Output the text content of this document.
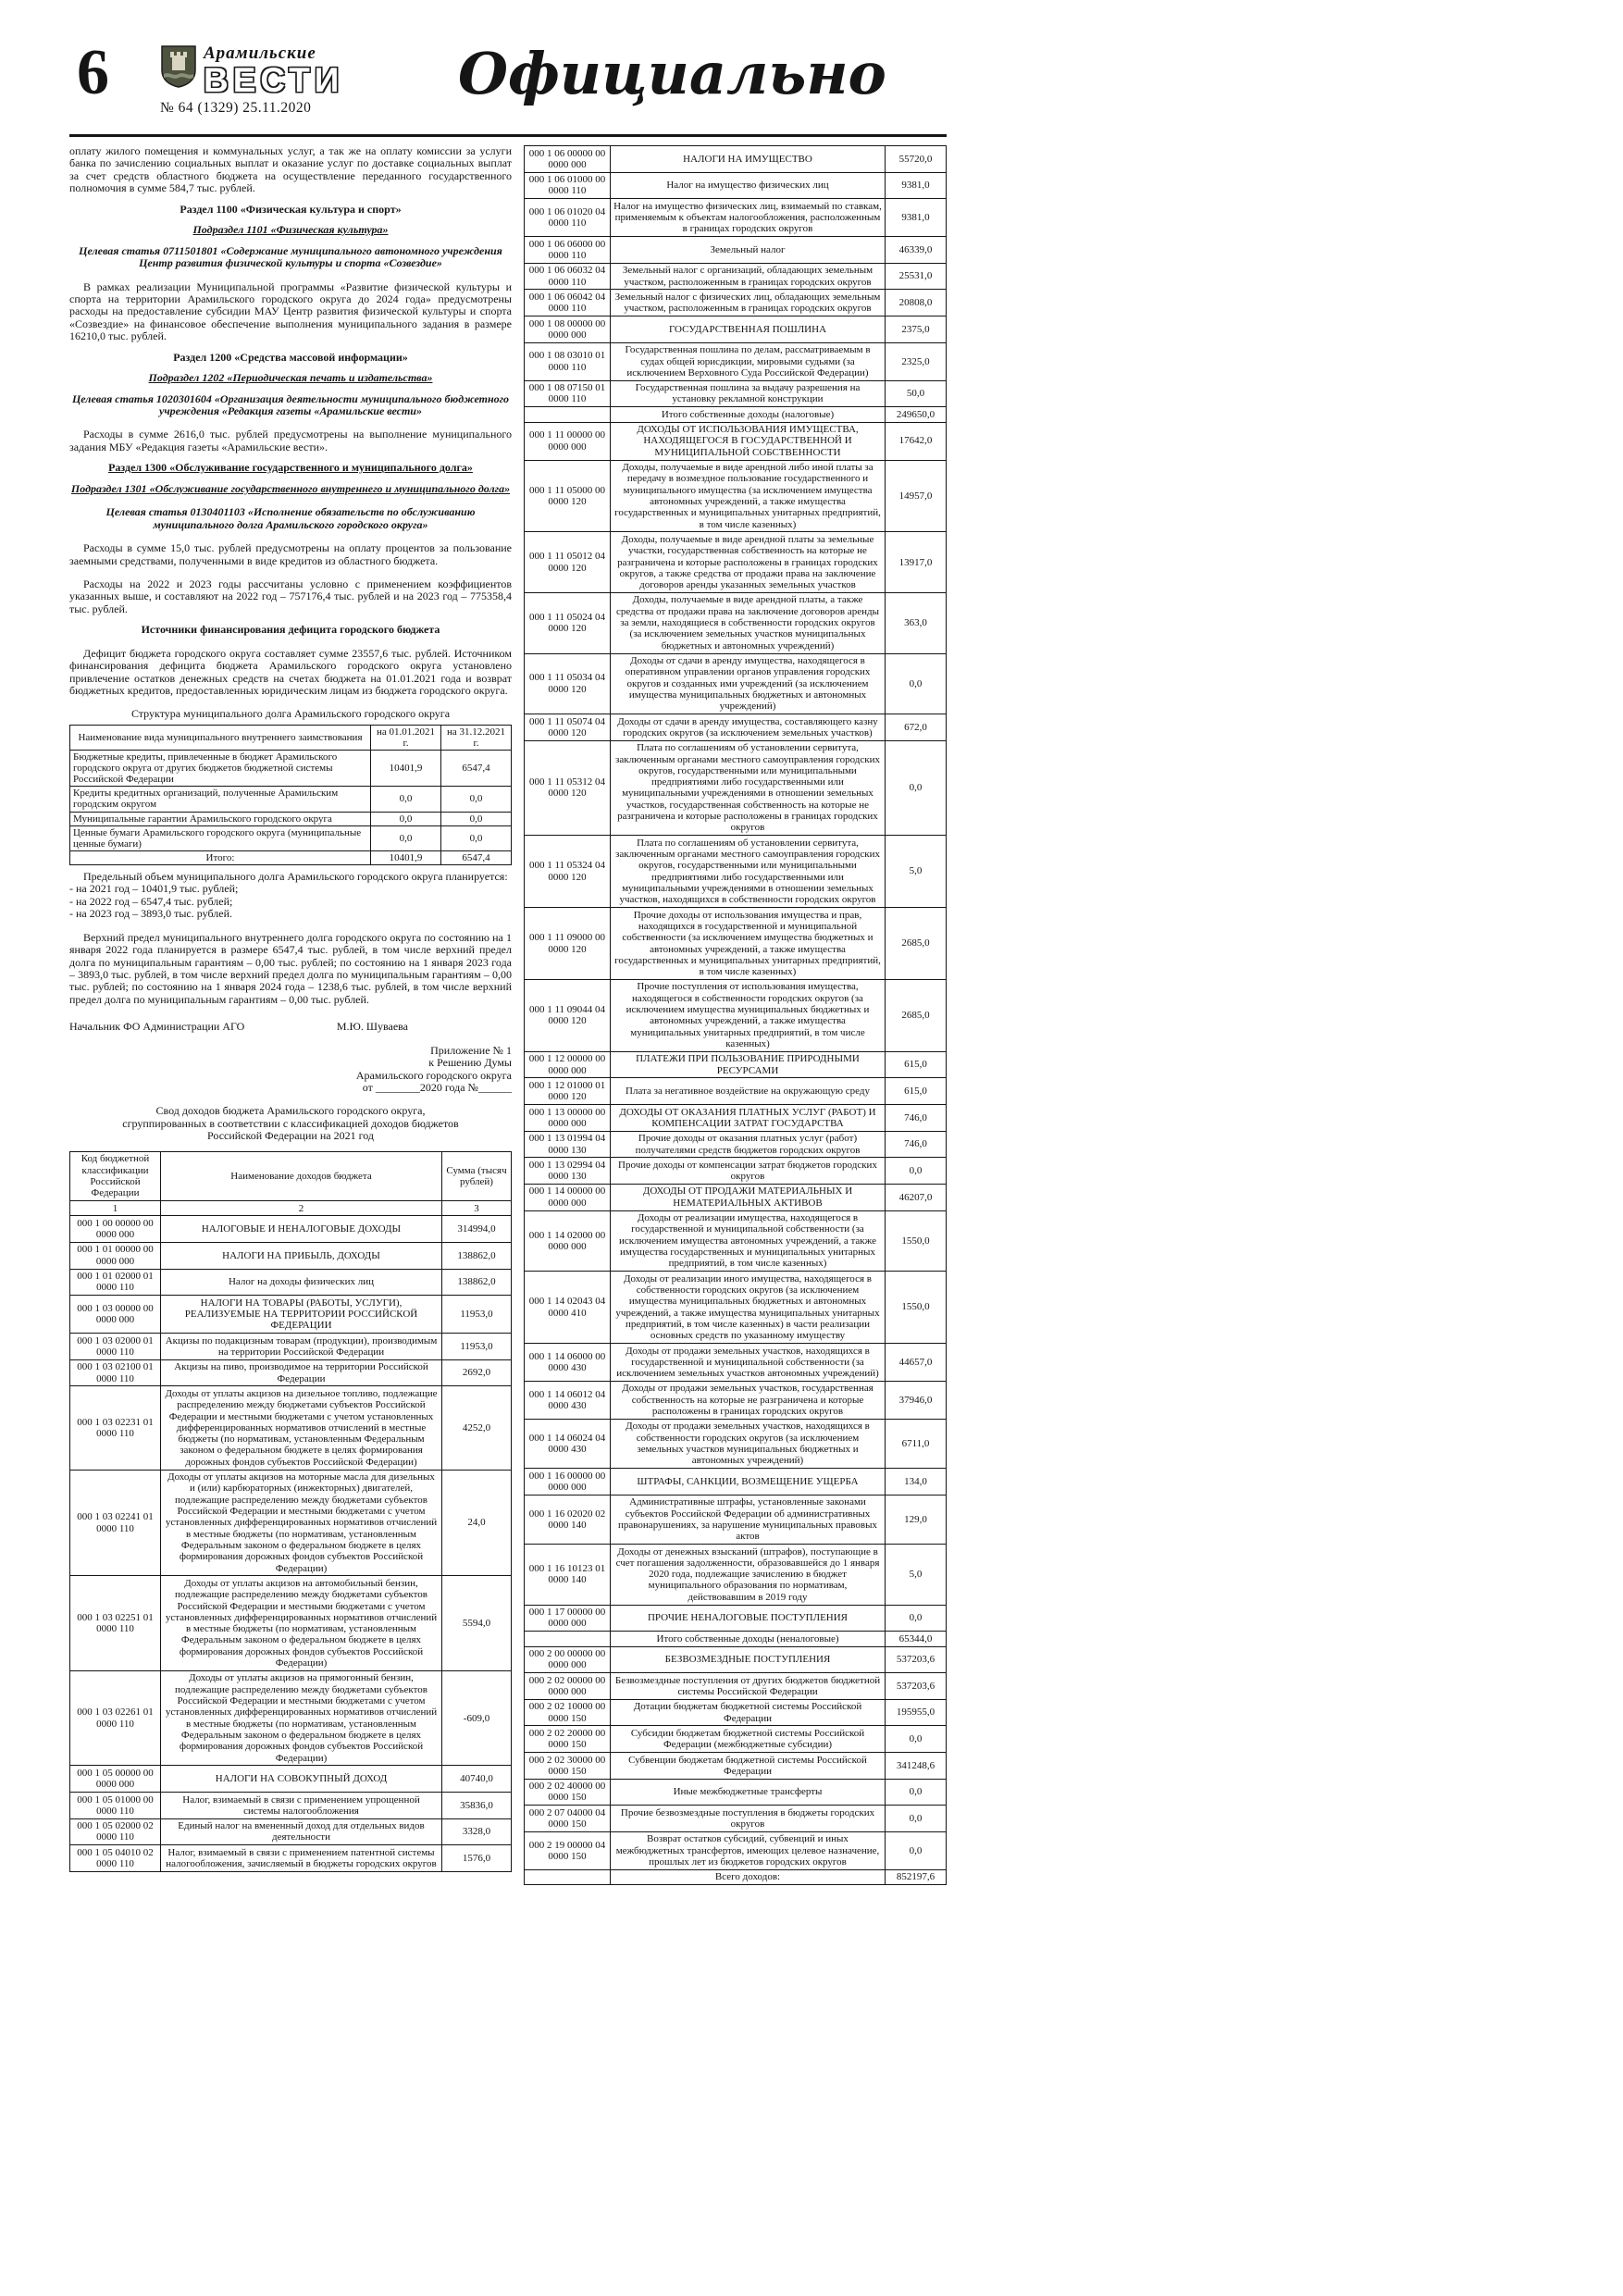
6	Арамильские
ВЕСТИ
№ 64 (1329) 25.11.2020
Официально
оплату жилого помещения и коммунальных услуг, а так же на оплату комиссии за услуги банка по зачислению социальных выплат и оказание услуг по доставке социальных выплат за счет средств областного бюджета на осуществление переданного государственного полномочия в сумме 584,7 тыс. рублей.
Раздел 1100 «Физическая культура и спорт»
Подраздел 1101 «Физическая культура»
Целевая статья 0711501801 «Содержание муниципального автономного учреждения Центр развития физической культуры и спорта «Созвездие»
В рамках реализации Муниципальной программы «Развитие физической культуры и спорта на территории Арамильского городского округа до 2024 года» предусмотрены расходы на предоставление субсидии МАУ Центр развития физической культуры и спорта «Созвездие» на финансовое обеспечение выполнения муниципального задания в размере 16210,0 тыс. рублей.
Раздел 1200 «Средства массовой информации»
Подраздел 1202 «Периодическая печать и издательства»
Целевая статья 1020301604 «Организация деятельности муниципального бюджетного учреждения «Редакция газеты «Арамильские вести»
Расходы в сумме 2616,0 тыс. рублей предусмотрены на выполнение муниципального задания МБУ «Редакция газеты «Арамильские вести».
Раздел 1300 «Обслуживание государственного и муниципального долга»
Подраздел 1301 «Обслуживание государственного внутреннего и муниципального долга»
Целевая статья 0130401103 «Исполнение обязательств по обслуживанию муниципального долга Арамильского городского округа»
Расходы в сумме 15,0 тыс. рублей предусмотрены на оплату процентов за пользование заемными средствами, полученными в виде кредитов из областного бюджета.
Расходы на 2022 и 2023 годы рассчитаны условно с применением коэффициентов указанных выше, и составляют на 2022 год – 757176,4 тыс. рублей и на 2023 год – 775358,4 тыс. рублей.
Источники финансирования дефицита городского бюджета
Дефицит бюджета городского округа составляет сумме 23557,6 тыс. рублей. Источником финансирования дефицита бюджета Арамильского городского округа установлено привлечение остатков денежных средств на счетах бюджета на 01.01.2021 года и возврат бюджетных кредитов, предоставленных юридическим лицам из бюджета городского округа.
Структура муниципального долга Арамильского городского округа
Наименование вида муниципального внутреннего заимствования	на 01.01.2021 г.	на 31.12.2021 г.
Бюджетные кредиты, привлеченные в бюджет Арамильского городского округа от других бюджетов бюджетной системы Российской Федерации	10401,9	6547,4
Кредиты кредитных организаций, полученные Арамильским городским округом	0,0	0,0
Муниципальные гарантии Арамильского городского округа	0,0	0,0
Ценные бумаги Арамильского городского округа (муниципальные ценные бумаги)	0,0	0,0
Итого:	10401,9	6547,4
Предельный объем муниципального долга Арамильского городского округа планируется:
- на 2021 год – 10401,9 тыс. рублей;
- на 2022 год – 6547,4 тыс. рублей;
- на 2023 год – 3893,0 тыс. рублей.
Верхний предел муниципального внутреннего долга городского округа по состоянию на 1 января 2022 года планируется в размере 6547,4 тыс. рублей, в том числе верхний предел долга по муниципальным гарантиям – 0,00 тыс. рублей; по состоянию на 1 января 2023 года – 3893,0 тыс. рублей, в том числе верхний предел долга по муниципальным гарантиям – 0,00 тыс. рублей; по состоянию на 1 января 2024 года – 1238,6 тыс. рублей, в том числе верхний предел долга по муниципальным гарантиям – 0,00 тыс. рублей.
Начальник ФО Администрации АГО	М.Ю. Шуваева
Приложение № 1
к Решению Думы
Арамильского городского округа
от ________2020 года №______
Свод доходов бюджета Арамильского городского округа,
сгруппированных в соответствии с классификацией доходов бюджетов
Российской Федерации на 2021 год
Код бюджетной классификации Российской Федерации	Наименование доходов бюджета	Сумма (тысяч рублей)
1	2	3
000 1 00 00000 00 0000 000	НАЛОГОВЫЕ И НЕНАЛОГОВЫЕ ДОХОДЫ	314994,0
000 1 01 00000 00 0000 000	НАЛОГИ НА ПРИБЫЛЬ, ДОХОДЫ	138862,0
000 1 01 02000 01 0000 110	Налог на доходы физических лиц	138862,0
000 1 03 00000 00 0000 000	НАЛОГИ НА ТОВАРЫ (РАБОТЫ, УСЛУГИ), РЕАЛИЗУЕМЫЕ НА ТЕРРИТОРИИ РОССИЙСКОЙ ФЕДЕРАЦИИ	11953,0
000 1 03 02000 01 0000 110	Акцизы по подакцизным товарам (продукции), производимым на территории Российской Федерации	11953,0
000 1 03 02100 01 0000 110	Акцизы на пиво, производимое на территории Российской Федерации	2692,0
000 1 03 02231 01 0000 110	Доходы от уплаты акцизов на дизельное топливо, подлежащие распределению между бюджетами субъектов Российской Федерации и местными бюджетами с учетом установленных дифференцированных нормативов отчислений в местные бюджеты (по нормативам, установленным Федеральным законом о федеральном бюджете в целях формирования дорожных фондов субъектов Российской Федерации)	4252,0
000 1 03 02241 01 0000 110	Доходы от уплаты акцизов на моторные масла для дизельных и (или) карбюраторных (инжекторных) двигателей, подлежащие распределению между бюджетами субъектов Российской Федерации и местными бюджетами с учетом установленных дифференцированных нормативов отчислений в местные бюджеты (по нормативам, установленным Федеральным законом о федеральном бюджете в целях формирования дорожных фондов субъектов Российской Федерации)	24,0
000 1 03 02251 01 0000 110	Доходы от уплаты акцизов на автомобильный бензин, подлежащие распределению между бюджетами субъектов Российской Федерации и местными бюджетами с учетом установленных дифференцированных нормативов отчислений в местные бюджеты (по нормативам, установленным Федеральным законом о федеральном бюджете в целях формирования дорожных фондов субъектов Российской Федерации)	5594,0
000 1 03 02261 01 0000 110	Доходы от уплаты акцизов на прямогонный бензин, подлежащие распределению между бюджетами субъектов Российской Федерации и местными бюджетами с учетом установленных дифференцированных нормативов отчислений в местные бюджеты (по нормативам, установленным Федеральным законом о федеральном бюджете в целях формирования дорожных фондов субъектов Российской Федерации)	-609,0
000 1 05 00000 00 0000 000	НАЛОГИ НА СОВОКУПНЫЙ ДОХОД	40740,0
000 1 05 01000 00 0000 110	Налог, взимаемый в связи с применением упрощенной системы налогообложения	35836,0
000 1 05 02000 02 0000 110	Единый налог на вмененный доход для отдельных видов деятельности	3328,0
000 1 05 04010 02 0000 110	Налог, взимаемый в связи с применением патентной системы налогообложения, зачисляемый в бюджеты городских округов	1576,0
000 1 06 00000 00 0000 000	НАЛОГИ НА ИМУЩЕСТВО	55720,0
000 1 06 01000 00 0000 110	Налог на имущество физических лиц	9381,0
000 1 06 01020 04 0000 110	Налог на имущество физических лиц, взимаемый по ставкам, применяемым к объектам налогообложения, расположенным в границах городских округов	9381,0
000 1 06 06000 00 0000 110	Земельный налог	46339,0
000 1 06 06032 04 0000 110	Земельный налог с организаций, обладающих земельным участком, расположенным в границах городских округов	25531,0
000 1 06 06042 04 0000 110	Земельный налог с физических лиц, обладающих земельным участком, расположенным в границах городских округов	20808,0
000 1 08 00000 00 0000 000	ГОСУДАРСТВЕННАЯ ПОШЛИНА	2375,0
000 1 08 03010 01 0000 110	Государственная пошлина по делам, рассматриваемым в судах общей юрисдикции, мировыми судьями (за исключением Верховного Суда Российской Федерации)	2325,0
000 1 08 07150 01 0000 110	Государственная пошлина за выдачу разрешения на установку рекламной конструкции	50,0
	Итого собственные доходы (налоговые)	249650,0
000 1 11 00000 00 0000 000	ДОХОДЫ ОТ ИСПОЛЬЗОВАНИЯ ИМУЩЕСТВА, НАХОДЯЩЕГОСЯ В ГОСУДАРСТВЕННОЙ И МУНИЦИПАЛЬНОЙ СОБСТВЕННОСТИ	17642,0
000 1 11 05000 00 0000 120	Доходы, получаемые в виде арендной либо иной платы за передачу в возмездное пользование государственного и муниципального имущества (за исключением имущества автономных учреждений, а также имущества государственных и муниципальных унитарных предприятий, в том числе казенных)	14957,0
000 1 11 05012 04 0000 120	Доходы, получаемые в виде арендной платы за земельные участки, государственная собственность на которые не разграничена и которые расположены в границах городских округов, а также средства от продажи права на заключение договоров аренды указанных земельных участков	13917,0
000 1 11 05024 04 0000 120	Доходы, получаемые в виде арендной платы, а также средства от продажи права на заключение договоров аренды за земли, находящиеся в собственности городских округов (за исключением земельных участков муниципальных бюджетных и автономных учреждений)	363,0
000 1 11 05034 04 0000 120	Доходы от сдачи в аренду имущества, находящегося в оперативном управлении органов управления городских округов и созданных ими учреждений (за исключением имущества муниципальных бюджетных и автономных учреждений)	0,0
000 1 11 05074 04 0000 120	Доходы от сдачи в аренду имущества, составляющего казну городских округов (за исключением земельных участков)	672,0
000 1 11 05312 04 0000 120	Плата по соглашениям об установлении сервитута, заключенным органами местного самоуправления городских округов, государственными или муниципальными предприятиями либо государственными или муниципальными учреждениями в отношении земельных участков, государственная собственность на которые не разграничена и которые расположены в границах городских округов	0,0
000 1 11 05324 04 0000 120	Плата по соглашениям об установлении сервитута, заключенным органами местного самоуправления городских округов, государственными или муниципальными предприятиями либо государственными или муниципальными учреждениями в отношении земельных участков, находящихся в собственности городских округов	5,0
000 1 11 09000 00 0000 120	Прочие доходы от использования имущества и прав, находящихся в государственной и муниципальной собственности (за исключением имущества бюджетных и автономных учреждений, а также имущества государственных и муниципальных унитарных предприятий, в том числе казенных)	2685,0
000 1 11 09044 04 0000 120	Прочие поступления от использования имущества, находящегося в собственности городских округов (за исключением имущества муниципальных бюджетных и автономных учреждений, а также имущества муниципальных унитарных предприятий, в том числе казенных)	2685,0
000 1 12 00000 00 0000 000	ПЛАТЕЖИ ПРИ ПОЛЬЗОВАНИЕ ПРИРОДНЫМИ РЕСУРСАМИ	615,0
000 1 12 01000 01 0000 120	Плата за негативное воздействие на окружающую среду	615,0
000 1 13 00000 00 0000 000	ДОХОДЫ ОТ ОКАЗАНИЯ ПЛАТНЫХ УСЛУГ (РАБОТ) И КОМПЕНСАЦИИ ЗАТРАТ ГОСУДАРСТВА	746,0
000 1 13 01994 04 0000 130	Прочие доходы от оказания платных услуг (работ) получателями средств бюджетов городских округов	746,0
000 1 13 02994 04 0000 130	Прочие доходы от компенсации затрат бюджетов городских округов	0,0
000 1 14 00000 00 0000 000	ДОХОДЫ ОТ ПРОДАЖИ МАТЕРИАЛЬНЫХ И НЕМАТЕРИАЛЬНЫХ АКТИВОВ	46207,0
000 1 14 02000 00 0000 000	Доходы от реализации имущества, находящегося в государственной и муниципальной собственности (за исключением имущества автономных учреждений, а также имущества государственных и муниципальных унитарных предприятий, в том числе казенных)	1550,0
000 1 14 02043 04 0000 410	Доходы от реализации иного имущества, находящегося в собственности городских округов (за исключением имущества муниципальных бюджетных и автономных учреждений, а также имущества муниципальных унитарных предприятий, в том числе казенных) в части реализации основных средств по указанному имуществу	1550,0
000 1 14 06000 00 0000 430	Доходы от продажи земельных участков, находящихся в государственной и муниципальной собственности (за исключением земельных участков автономных учреждений)	44657,0
000 1 14 06012 04 0000 430	Доходы от продажи земельных участков, государственная собственность на которые не разграничена и которые расположены в границах городских округов	37946,0
000 1 14 06024 04 0000 430	Доходы от продажи земельных участков, находящихся в собственности городских округов (за исключением земельных участков муниципальных бюджетных и автономных учреждений)	6711,0
000 1 16 00000 00 0000 000	ШТРАФЫ, САНКЦИИ, ВОЗМЕЩЕНИЕ УЩЕРБА	134,0
000 1 16 02020 02 0000 140	Административные штрафы, установленные законами субъектов Российской Федерации об административных правонарушениях, за нарушение муниципальных правовых актов	129,0
000 1 16 10123 01 0000 140	Доходы от денежных взысканий (штрафов), поступающие в счет погашения задолженности, образовавшейся до 1 января 2020 года, подлежащие зачислению в бюджет муниципального образования по нормативам, действовавшим в 2019 году	5,0
000 1 17 00000 00 0000 000	ПРОЧИЕ НЕНАЛОГОВЫЕ ПОСТУПЛЕНИЯ	0,0
	Итого собственные доходы (неналоговые)	65344,0
000 2 00 00000 00 0000 000	БЕЗВОЗМЕЗДНЫЕ ПОСТУПЛЕНИЯ	537203,6
000 2 02 00000 00 0000 000	Безвозмездные поступления от других бюджетов бюджетной системы Российской Федерации	537203,6
000 2 02 10000 00 0000 150	Дотации бюджетам бюджетной системы Российской Федерации	195955,0
000 2 02 20000 00 0000 150	Субсидии бюджетам бюджетной системы Российской Федерации (межбюджетные субсидии)	0,0
000 2 02 30000 00 0000 150	Субвенции бюджетам бюджетной системы Российской Федерации	341248,6
000 2 02 40000 00 0000 150	Иные межбюджетные трансферты	0,0
000 2 07 04000 04 0000 150	Прочие безвозмездные поступления в бюджеты городских округов	0,0
000 2 19 00000 04 0000 150	Возврат остатков субсидий, субвенций и иных межбюджетных трансфертов, имеющих целевое назначение, прошлых лет из бюджетов городских округов	0,0
	Всего доходов:	852197,6
